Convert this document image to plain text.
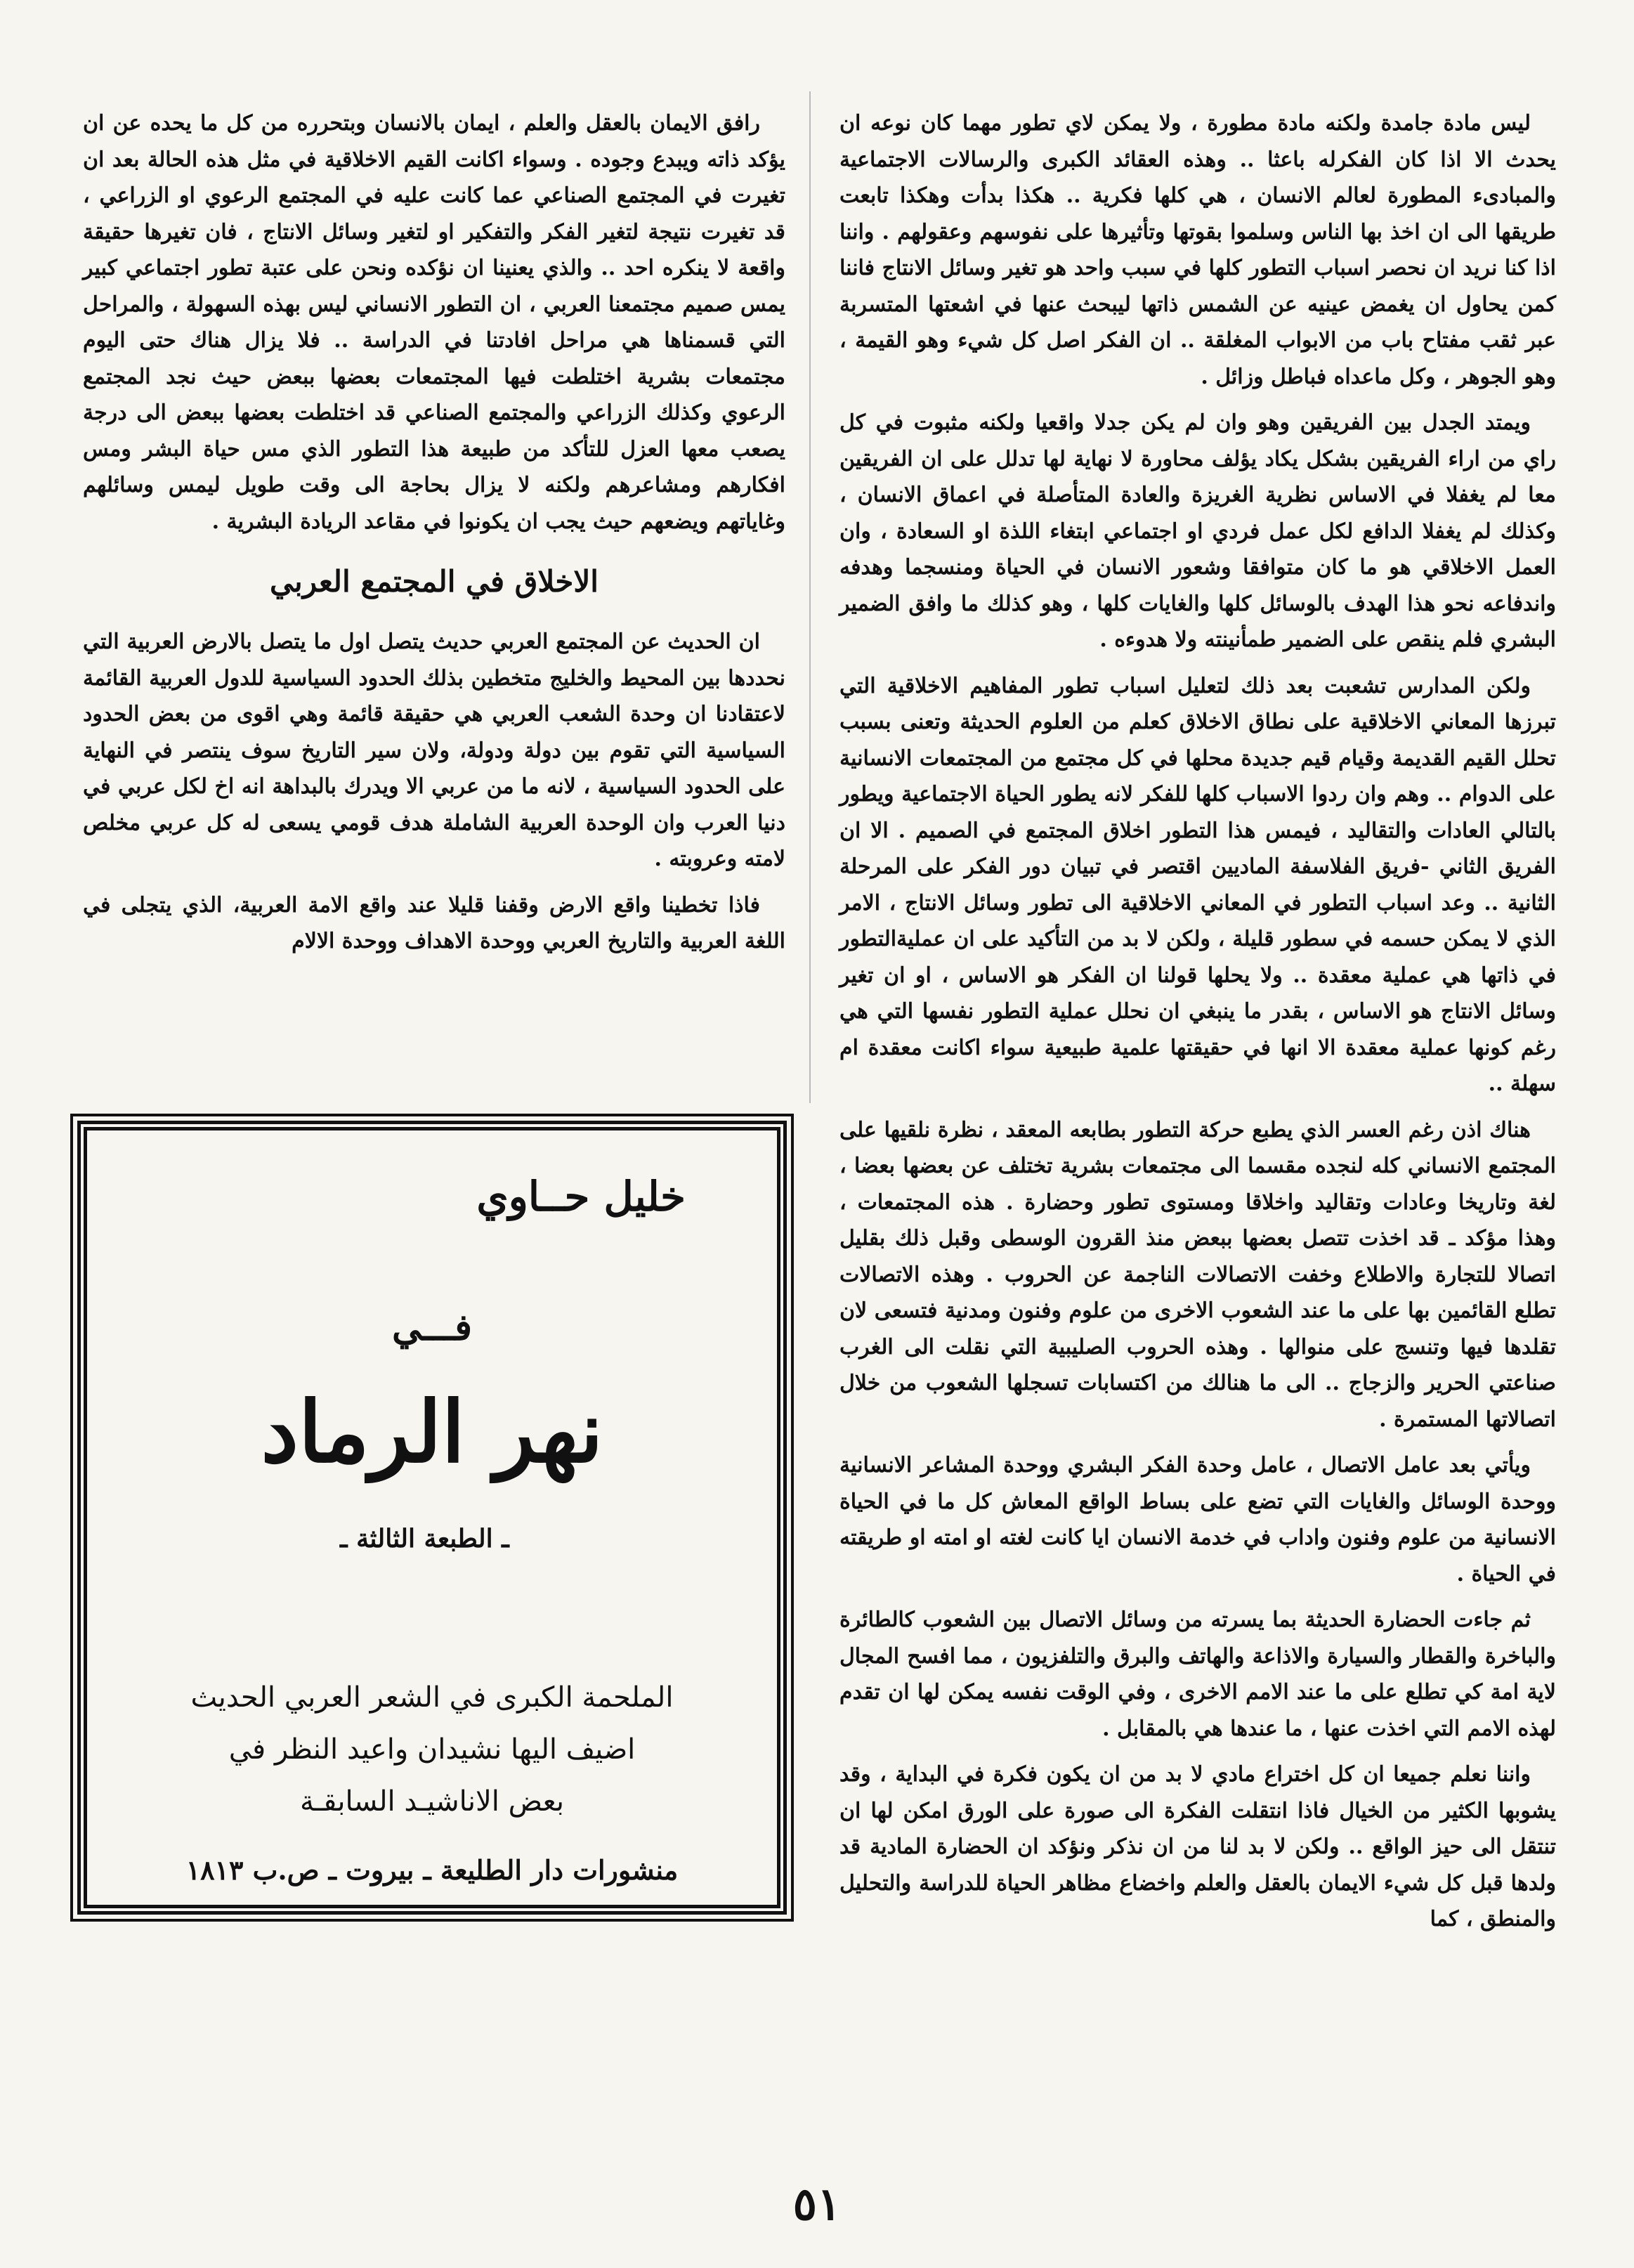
ليس مادة جامدة ولكنه مادة مطورة ، ولا يمكن لاي تطور مهما كان نوعه ان يحدث الا اذا كان الفكرله باعثا .. وهذه العقائد الكبرى والرسالات الاجتماعية والمبادىء المطورة لعالم الانسان ، هي كلها فكرية .. هكذا بدأت وهكذا تابعت طريقها الى ان اخذ بها الناس وسلموا بقوتها وتأثيرها على نفوسهم وعقولهم . واننا اذا كنا نريد ان نحصر اسباب التطور كلها في سبب واحد هو تغير وسائل الانتاج فاننا كمن يحاول ان يغمض عينيه عن الشمس ذاتها ليبحث عنها في اشعتها المتسربة عبر ثقب مفتاح باب من الابواب المغلقة .. ان الفكر اصل كل شيء وهو القيمة ، وهو الجوهر ، وكل ماعداه فباطل وزائل .

ويمتد الجدل بين الفريقين وهو وان لم يكن جدلا واقعيا ولكنه مثبوت في كل راي من اراء الفريقين بشكل يكاد يؤلف محاورة لا نهاية لها تدلل على ان الفريقين معا لم يغفلا في الاساس نظرية الغريزة والعادة المتأصلة في اعماق الانسان ، وكذلك لم يغفلا الدافع لكل عمل فردي او اجتماعي ابتغاء اللذة او السعادة ، وان العمل الاخلاقي هو ما كان متوافقا وشعور الانسان في الحياة ومنسجما وهدفه واندفاعه نحو هذا الهدف بالوسائل كلها والغايات كلها ، وهو كذلك ما وافق الضمير البشري فلم ينقص على الضمير طمأنينته ولا هدوءه .

ولكن المدارس تشعبت بعد ذلك لتعليل اسباب تطور المفاهيم الاخلاقية التي تبرزها المعاني الاخلاقية على نطاق الاخلاق كعلم من العلوم الحديثة وتعنى بسبب تحلل القيم القديمة وقيام قيم جديدة محلها في كل مجتمع من المجتمعات الانسانية على الدوام .. وهم وان ردوا الاسباب كلها للفكر لانه يطور الحياة الاجتماعية ويطور بالتالي العادات والتقاليد ، فيمس هذا التطور اخلاق المجتمع في الصميم . الا ان الفريق الثاني -فريق الفلاسفة الماديين اقتصر في تبيان دور الفكر على المرحلة الثانية .. وعد اسباب التطور في المعاني الاخلاقية الى تطور وسائل الانتاج ، الامر الذي لا يمكن حسمه في سطور قليلة ، ولكن لا بد من التأكيد على ان عمليةالتطور في ذاتها هي عملية معقدة .. ولا يحلها قولنا ان الفكر هو الاساس ، او ان تغير وسائل الانتاج هو الاساس ، بقدر ما ينبغي ان نحلل عملية التطور نفسها التي هي رغم كونها عملية معقدة الا انها في حقيقتها علمية طبيعية سواء اكانت معقدة ام سهلة ..

هناك اذن رغم العسر الذي يطبع حركة التطور بطابعه المعقد ، نظرة نلقيها على المجتمع الانساني كله لنجده مقسما الى مجتمعات بشرية تختلف عن بعضها بعضا ، لغة وتاريخا وعادات وتقاليد واخلاقا ومستوى تطور وحضارة . هذه المجتمعات ، وهذا مؤكد ـ قد اخذت تتصل بعضها ببعض منذ القرون الوسطى وقبل ذلك بقليل اتصالا للتجارة والاطلاع وخفت الاتصالات الناجمة عن الحروب . وهذه الاتصالات تطلع القائمين بها على ما عند الشعوب الاخرى من علوم وفنون ومدنية فتسعى لان تقلدها فيها وتنسج على منوالها . وهذه الحروب الصليبية التي نقلت الى الغرب صناعتي الحرير والزجاج .. الى ما هنالك من اكتسابات تسجلها الشعوب من خلال اتصالاتها المستمرة .

ويأتي بعد عامل الاتصال ، عامل وحدة الفكر البشري ووحدة المشاعر الانسانية ووحدة الوسائل والغايات التي تضع على بساط الواقع المعاش كل ما في الحياة الانسانية من علوم وفنون واداب في خدمة الانسان ايا كانت لغته او امته او طريقته في الحياة .

ثم جاءت الحضارة الحديثة بما يسرته من وسائل الاتصال بين الشعوب كالطائرة والباخرة والقطار والسيارة والاذاعة والهاتف والبرق والتلفزيون ، مما افسح المجال لاية امة كي تطلع على ما عند الامم الاخرى ، وفي الوقت نفسه يمكن لها ان تقدم لهذه الامم التي اخذت عنها ، ما عندها هي بالمقابل .

واننا نعلم جميعا ان كل اختراع مادي لا بد من ان يكون فكرة في البداية ، وقد يشوبها الكثير من الخيال فاذا انتقلت الفكرة الى صورة على الورق امكن لها ان تنتقل الى حيز الواقع .. ولكن لا بد لنا من ان نذكر ونؤكد ان الحضارة المادية قد ولدها قبل كل شيء الايمان بالعقل والعلم واخضاع مظاهر الحياة للدراسة والتحليل والمنطق ، كما

رافق الايمان بالعقل والعلم ، ايمان بالانسان وبتحرره من كل ما يحده عن ان يؤكد ذاته ويبدع وجوده . وسواء اكانت القيم الاخلاقية في مثل هذه الحالة بعد ان تغيرت في المجتمع الصناعي عما كانت عليه في المجتمع الرعوي او الزراعي ، قد تغيرت نتيجة لتغير الفكر والتفكير او لتغير وسائل الانتاج ، فان تغيرها حقيقة واقعة لا ينكره احد .. والذي يعنينا ان نؤكده ونحن على عتبة تطور اجتماعي كبير يمس صميم مجتمعنا العربي ، ان التطور الانساني ليس بهذه السهولة ، والمراحل التي قسمناها هي مراحل افادتنا في الدراسة .. فلا يزال هناك حتى اليوم مجتمعات بشرية اختلطت فيها المجتمعات بعضها ببعض حيث نجد المجتمع الرعوي وكذلك الزراعي والمجتمع الصناعي قد اختلطت بعضها ببعض الى درجة يصعب معها العزل للتأكد من طبيعة هذا التطور الذي مس حياة البشر ومس افكارهم ومشاعرهم ولكنه لا يزال بحاجة الى وقت طويل ليمس وسائلهم وغاياتهم ويضعهم حيث يجب ان يكونوا في مقاعد الريادة البشرية .

الاخلاق في المجتمع العربي

ان الحديث عن المجتمع العربي حديث يتصل اول ما يتصل بالارض العربية التي نحددها بين المحيط والخليج متخطين بذلك الحدود السياسية للدول العربية القائمة لاعتقادنا ان وحدة الشعب العربي هي حقيقة قائمة وهي اقوى من بعض الحدود السياسية التي تقوم بين دولة ودولة، ولان سير التاريخ سوف ينتصر في النهاية على الحدود السياسية ، لانه ما من عربي الا ويدرك بالبداهة انه اخ لكل عربي في دنيا العرب وان الوحدة العربية الشاملة هدف قومي يسعى له كل عربي مخلص لامته وعروبته .

فاذا تخطينا واقع الارض وقفنا قليلا عند واقع الامة العربية، الذي يتجلى في اللغة العربية والتاريخ العربي ووحدة الاهداف ووحدة الالام

خليل حــاوي
فـــي
نهر الرماد
ـ الطبعة الثالثة ـ
الملحمة الكبرى في الشعر العربي الحديث
اضيف اليها نشيدان واعيد النظر في
بعض الاناشيـد السابقـة
منشورات دار الطليعة ـ بيروت ـ ص.ب ١٨١٣
٥١
